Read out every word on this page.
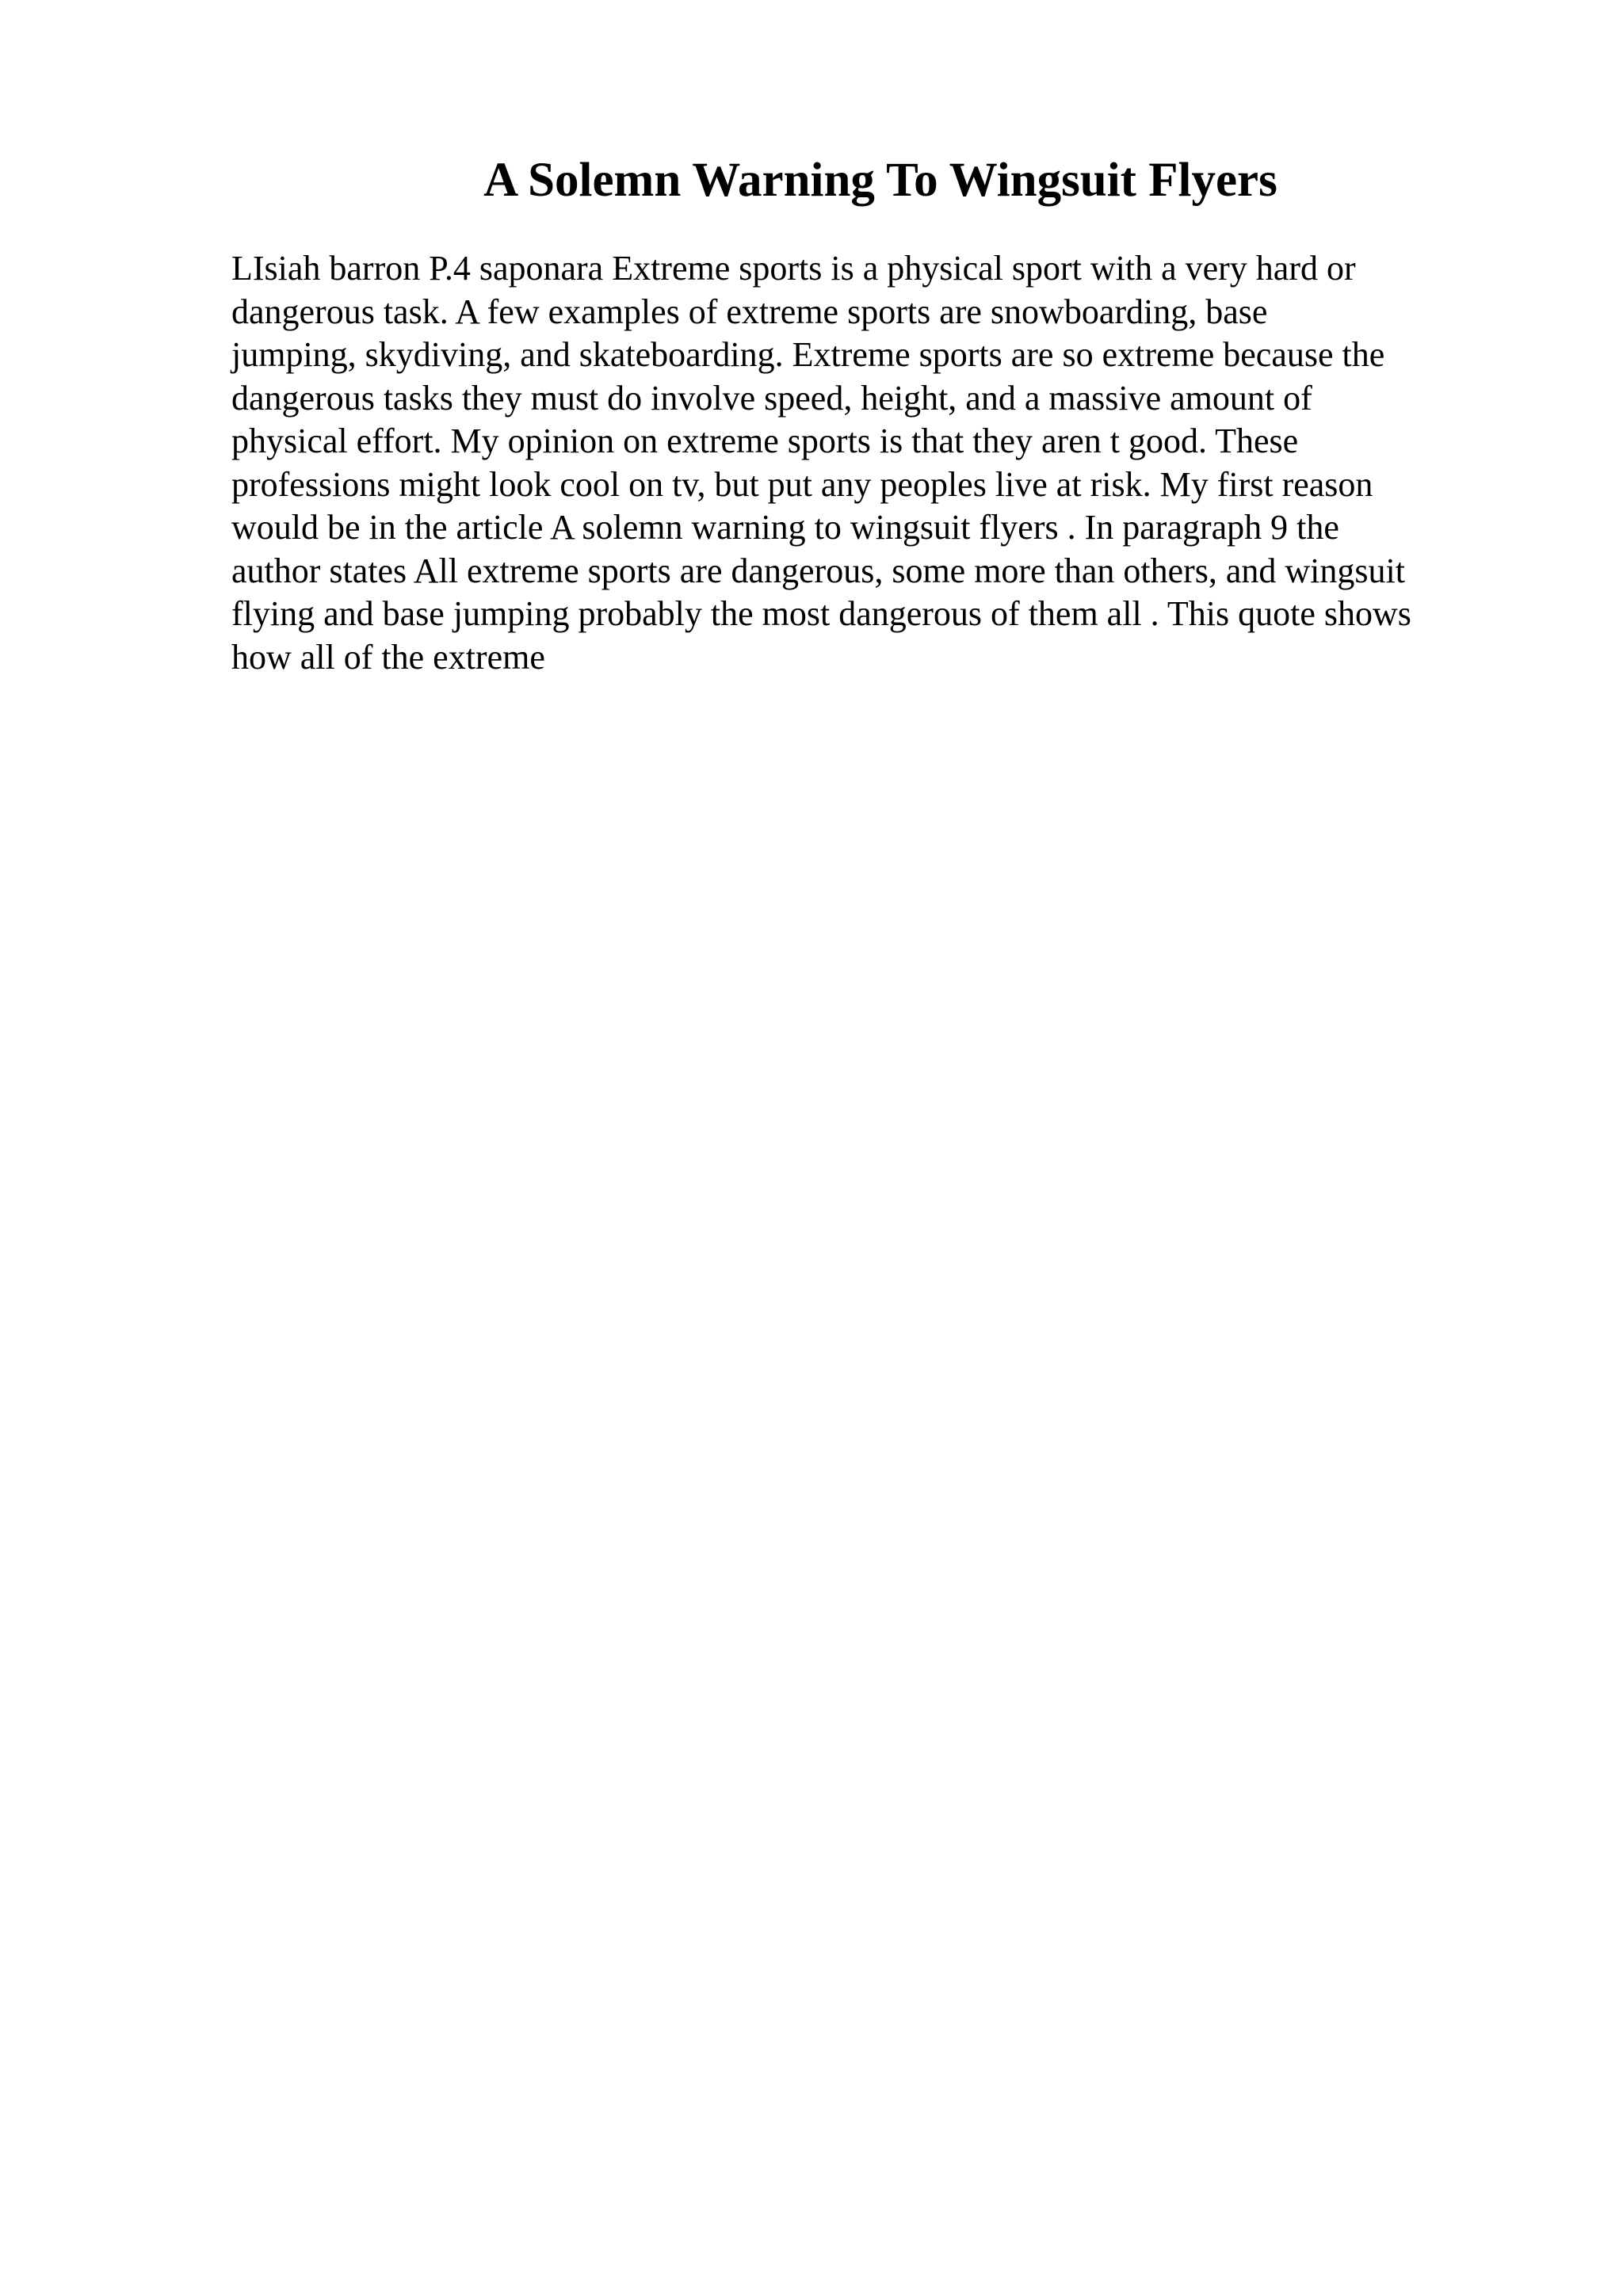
A Solemn Warning To Wingsuit Flyers
LIsiah barron P.4 saponara Extreme sports is a physical sport with a very hard or
dangerous task. A few examples of extreme sports are snowboarding, base
jumping, skydiving, and skateboarding. Extreme sports are so extreme because the
dangerous tasks they must do involve speed, height, and a massive amount of
physical effort. My opinion on extreme sports is that they aren t good. These
professions might look cool on tv, but put any peoples live at risk. My first reason
would be in the article A solemn warning to wingsuit flyers . In paragraph 9 the
author states All extreme sports are dangerous, some more than others, and wingsuit
flying and base jumping probably the most dangerous of them all . This quote shows
how all of the extreme
